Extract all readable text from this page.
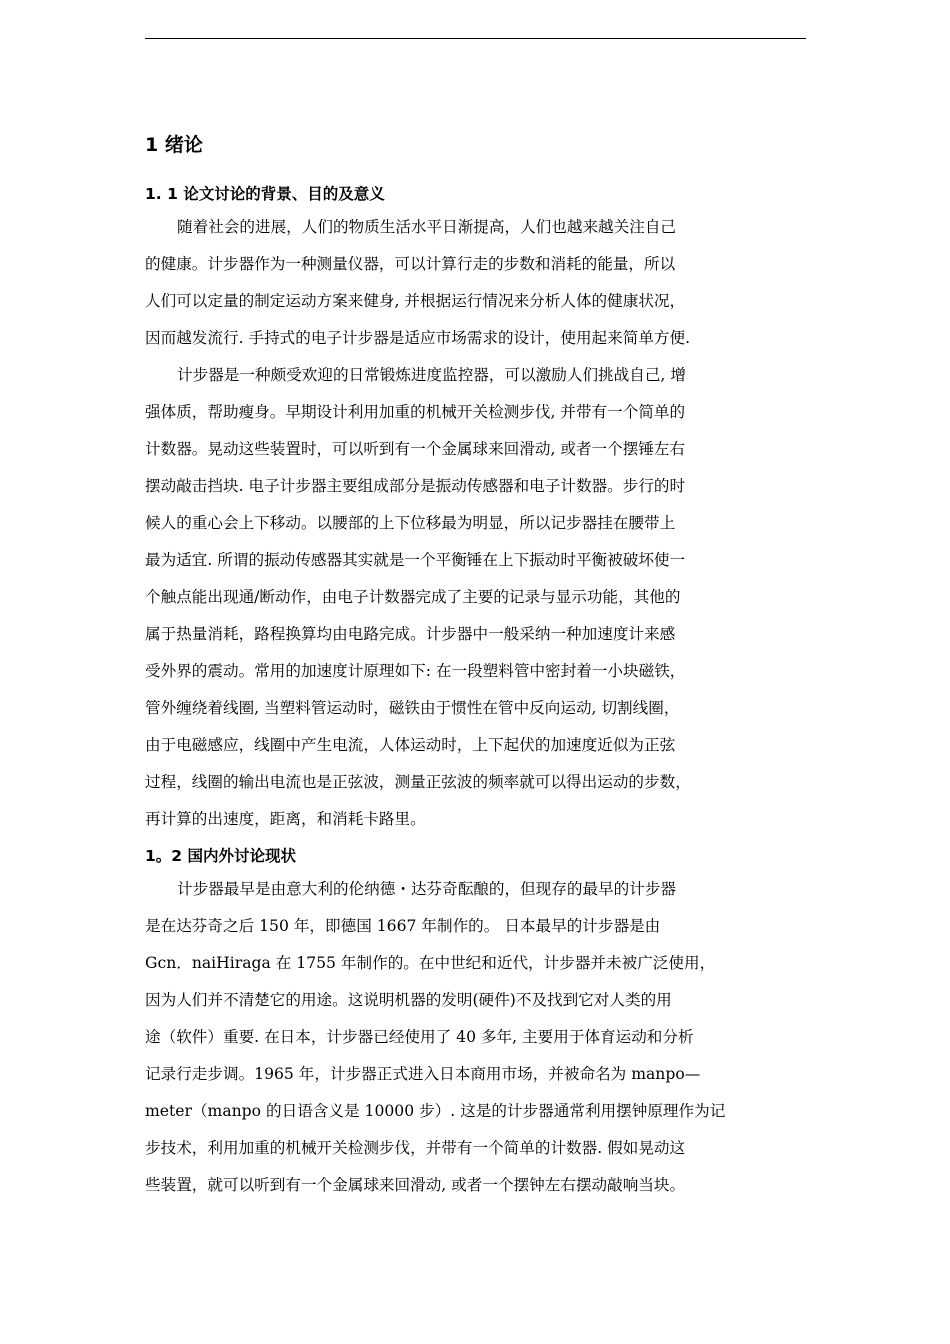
1 绪论
1. 1 论文讨论的背景、目的及意义

随着社会的进展，人们的物质生活水平日渐提高，人们也越来越关注自己

的健康。计步器作为一种测量仪器，可以计算行走的步数和消耗的能量，所以

人们可以定量的制定运动方案来健身, 并根据运行情况来分析人体的健康状况，

因而越发流行. 手持式的电子计步器是适应市场需求的设计，使用起来简单方便.

计步器是一种颇受欢迎的日常锻炼进度监控器，可以激励人们挑战自己, 增

强体质，帮助瘦身。早期设计利用加重的机械开关检测步伐, 并带有一个简单的

计数器。晃动这些装置时，可以听到有一个金属球来回滑动, 或者一个摆锤左右

摆动敲击挡块. 电子计步器主要组成部分是振动传感器和电子计数器。步行的时

候人的重心会上下移动。以腰部的上下位移最为明显，所以记步器挂在腰带上

最为适宜. 所谓的振动传感器其实就是一个平衡锤在上下振动时平衡被破坏使一

个触点能出现通/断动作，由电子计数器完成了主要的记录与显示功能，其他的

属于热量消耗，路程换算均由电路完成。计步器中一般采纳一种加速度计来感

受外界的震动。常用的加速度计原理如下: 在一段塑料管中密封着一小块磁铁，

管外缠绕着线圈, 当塑料管运动时，磁铁由于惯性在管中反向运动, 切割线圈，

由于电磁感应，线圈中产生电流，人体运动时，上下起伏的加速度近似为正弦

过程，线圈的输出电流也是正弦波，测量正弦波的频率就可以得出运动的步数，

再计算的出速度，距离，和消耗卡路里。

1。2 国内外讨论现状

计步器最早是由意大利的伦纳德・达芬奇酝酿的，但现存的最早的计步器

是在达芬奇之后 150 年，即德国 1667 年制作的。 日本最早的计步器是由

Gcn．naiHiraga 在 1755 年制作的。在中世纪和近代，计步器并未被广泛使用，

因为人们并不清楚它的用途。这说明机器的发明(硬件)不及找到它对人类的用

途（软件）重要. 在日本，计步器已经使用了 40 多年, 主要用于体育运动和分析

记录行走步调。1965 年，计步器正式进入日本商用市场，并被命名为 manpo—

meter（manpo 的日语含义是 10000 步）. 这是的计步器通常利用摆钟原理作为记

步技术，利用加重的机械开关检测步伐，并带有一个简单的计数器. 假如晃动这

些装置，就可以听到有一个金属球来回滑动, 或者一个摆钟左右摆动敲响当块。
